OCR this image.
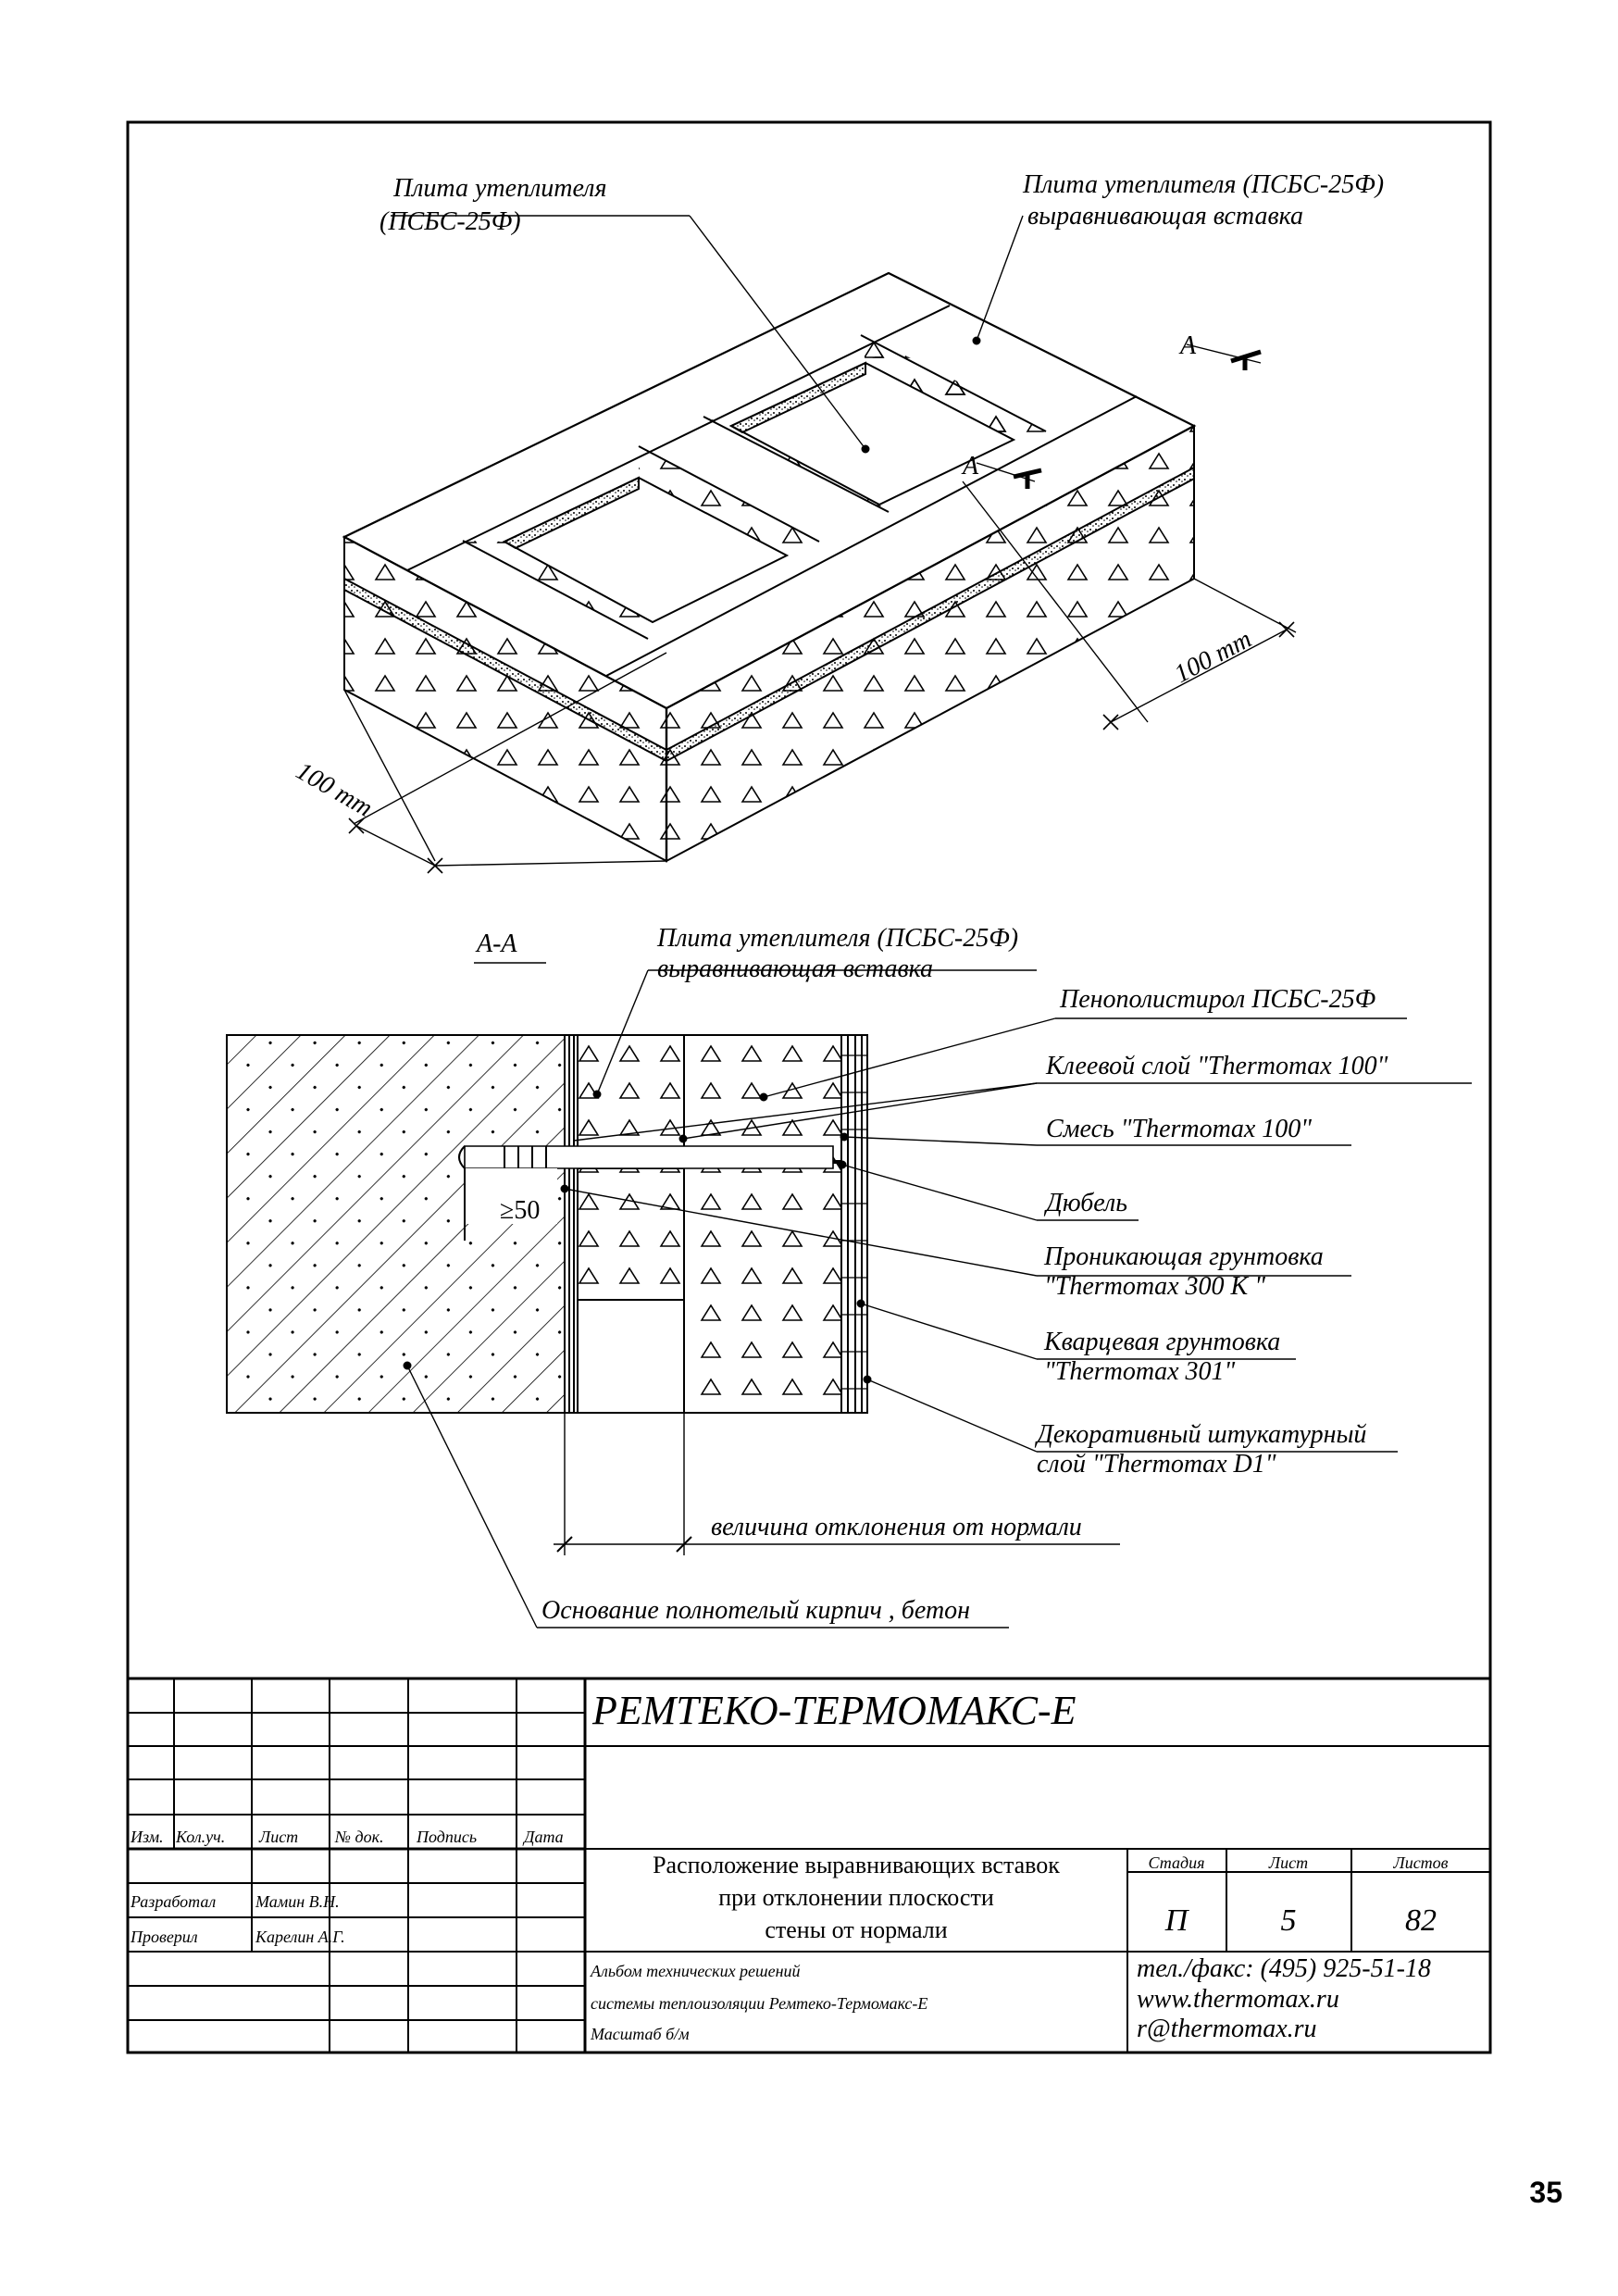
Плита утеплителя
(ПСБС-25Ф)
Плита утеплителя (ПСБС-25Ф)
выравнивающая вставка
А
А
100 mm
100 mm
А-А	Плита утеплителя (ПСБС-25Ф)
выравнивающая вставка
Пенополистирол ПСБС-25Ф
Клеевой слой "Thermomax 100"
Смесь "Thermomax 100"
Дюбель
Проникающая грунтовка
"Thermomax 300 K "
Кварцевая грунтовка
"Thermomax 301"
Декоративный штукатурный
слой "Thermomax D1"
≥50
величина отклонения от нормали
Основание полнотелый кирпич , бетон
РЕМТЕКО-ТЕРМОМАКС-Е
Изм. Кол.уч. Лист № док. Подпись	Дата
Разработал Мамин В.Н.
Проверил	Карелин А.Г.
Расположение выравнивающих вставок
при отклонении плоскости
стены от нормали
Стадия	Лист	Листов
П	5	82
Альбом технических решений
системы теплоизоляции Ремтеко-Термомакс-Е
Масштаб б/м
тел./факс: (495) 925-51-18
www.thermomax.ru
r@thermomax.ru
35
